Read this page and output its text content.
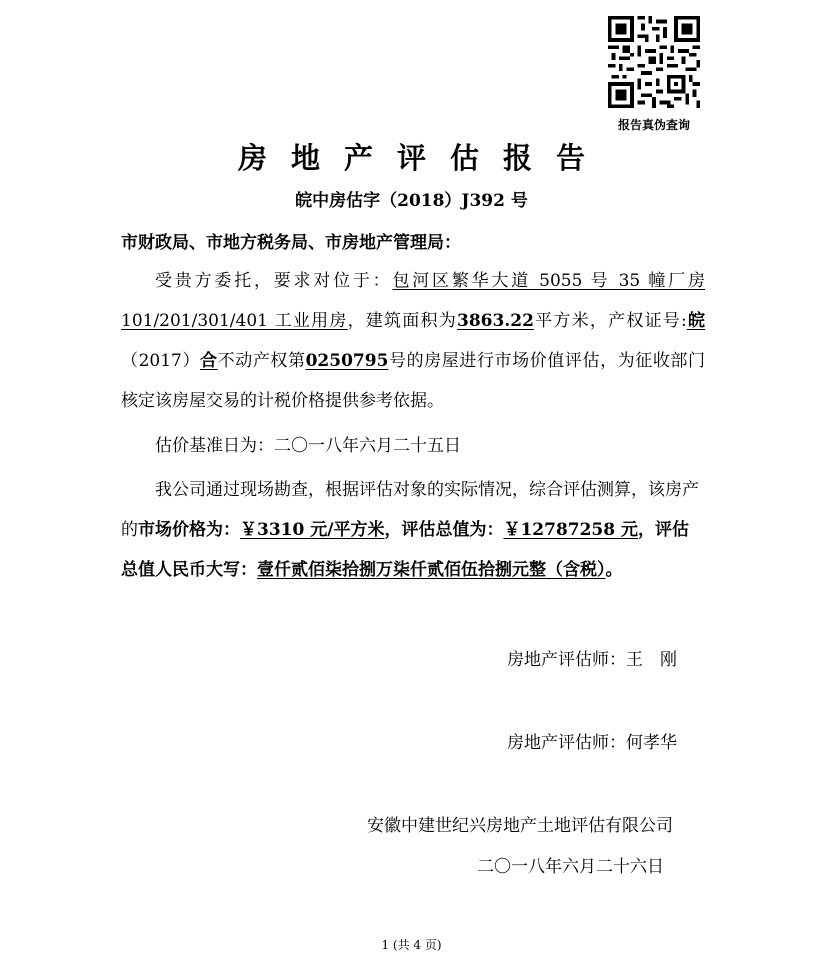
报告真伪查询
房地产评估报告
皖中房估字（2018）J392 号
市财政局、市地方税务局、市房地产管理局：

受贵方委托，要求对位于：包河区繁华大道 5055 号 35 幢厂房 101/201/301/401 工业用房，建筑面积为3863.22平方米，产权证号:皖（2017）合不动产权第0250795号的房屋进行市场价值评估，为征收部门核定该房屋交易的计税价格提供参考依据。

估价基准日为：二〇一八年六月二十五日

我公司通过现场勘查，根据评估对象的实际情况，综合评估测算，该房产的市场价格为：￥3310 元/平方米，评估总值为：￥12787258 元，评估总值人民币大写：壹仟贰佰柒拾捌万柒仟贰佰伍拾捌元整（含税）。

房地产评估师：王　刚
房地产评估师：何孝华
安徽中建世纪兴房地产土地评估有限公司
二〇一八年六月二十六日
1 (共 4 页)
